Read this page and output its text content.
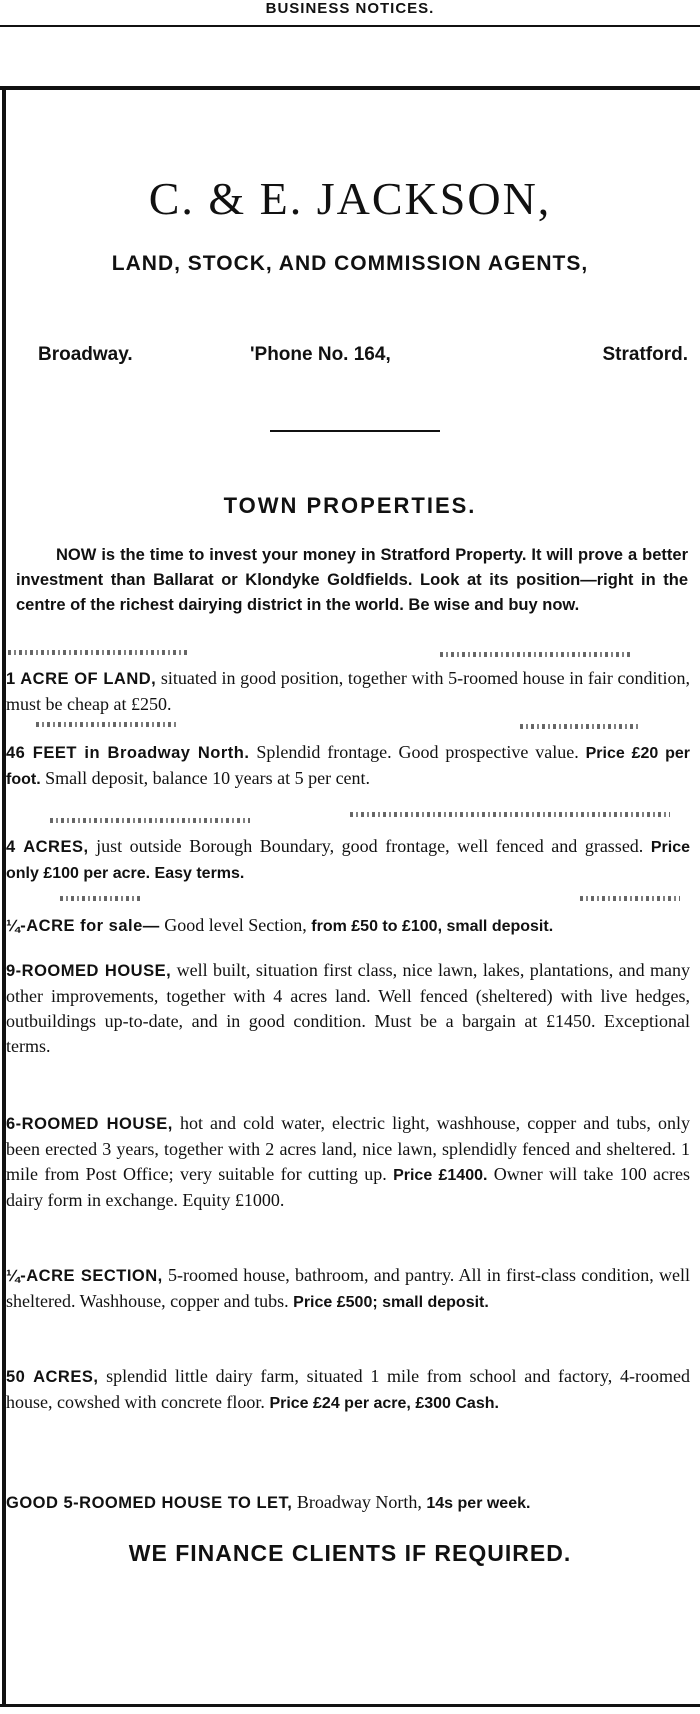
BUSINESS NOTICES.
C. & E. JACKSON,
LAND, STOCK, AND COMMISSION AGENTS,
Broadway.	'Phone No. 164,	Stratford.
TOWN PROPERTIES.
NOW is the time to invest your money in Stratford Property. It will prove a better investment than Ballarat or Klondyke Goldfields. Look at its position—right in the centre of the richest dairying district in the world. Be wise and buy now.
1 ACRE OF LAND, situated in good position, together with 5-roomed house in fair condition, must be cheap at £250.
46 FEET in Broadway North. Splendid frontage. Good prospective value. Price £20 per foot. Small deposit, balance 10 years at 5 per cent.
4 ACRES, just outside Borough Boundary, good frontage, well fenced and grassed. Price only £100 per acre. Easy terms.
¼-ACRE for sale— Good level Section, from £50 to £100, small deposit.
9-ROOMED HOUSE, well built, situation first class, nice lawn, lakes, plantations, and many other improvements, together with 4 acres land. Well fenced (sheltered) with live hedges, outbuildings up-to-date, and in good condition. Must be a bargain at £1450. Exceptional terms.
6-ROOMED HOUSE, hot and cold water, electric light, washhouse, copper and tubs, only been erected 3 years, together with 2 acres land, nice lawn, splendidly fenced and sheltered. 1 mile from Post Office; very suitable for cutting up. Price £1400. Owner will take 100 acres dairy form in exchange. Equity £1000.
¼-ACRE SECTION, 5-roomed house, bathroom, and pantry. All in first-class condition, well sheltered. Washhouse, copper and tubs. Price £500; small deposit.
50 ACRES, splendid little dairy farm, situated 1 mile from school and factory, 4-roomed house, cowshed with concrete floor. Price £24 per acre, £300 Cash.
GOOD 5-ROOMED HOUSE TO LET, Broadway North, 14s per week.
WE FINANCE CLIENTS IF REQUIRED.
